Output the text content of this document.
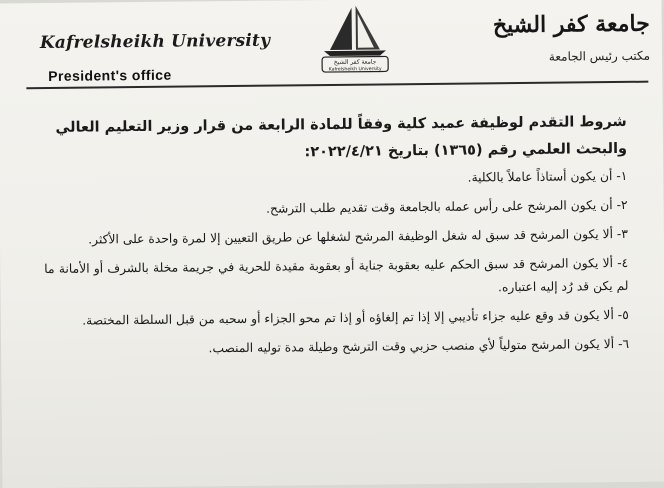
Kafrelsheikh University
President's office
جامعة كفر الشيخ
Kafrelsheikh University
جامعة كفر الشيخ
مكتب رئيس الجامعة

شروط التقدم لوظيفة عميد كلية وفقاً للمادة الرابعة من قرار وزير التعليم العالي والبحث العلمي رقم (١٣٦٥) بتاريخ ٢٠٢٢/٤/٢١:

١- أن يكون أستاذاً عاملاً بالكلية.
٢- أن يكون المرشح على رأس عمله بالجامعة وقت تقديم طلب الترشح.
٣- ألا يكون المرشح قد سبق له شغل الوظيفة المرشح لشغلها عن طريق التعيين إلا لمرة واحدة على الأكثر.
٤- ألا يكون المرشح قد سبق الحكم عليه بعقوبة جناية أو بعقوبة مقيدة للحرية في جريمة مخلة بالشرف أو الأمانة ما لم يكن قد رُد إليه اعتباره.
٥- ألا يكون قد وقع عليه جزاء تأديبي إلا إذا تم إلغاؤه أو إذا تم محو الجزاء أو سحبه من قبل السلطة المختصة.
٦- ألا يكون المرشح متولياً لأي منصب حزبي وقت الترشح وطيلة مدة توليه المنصب.
